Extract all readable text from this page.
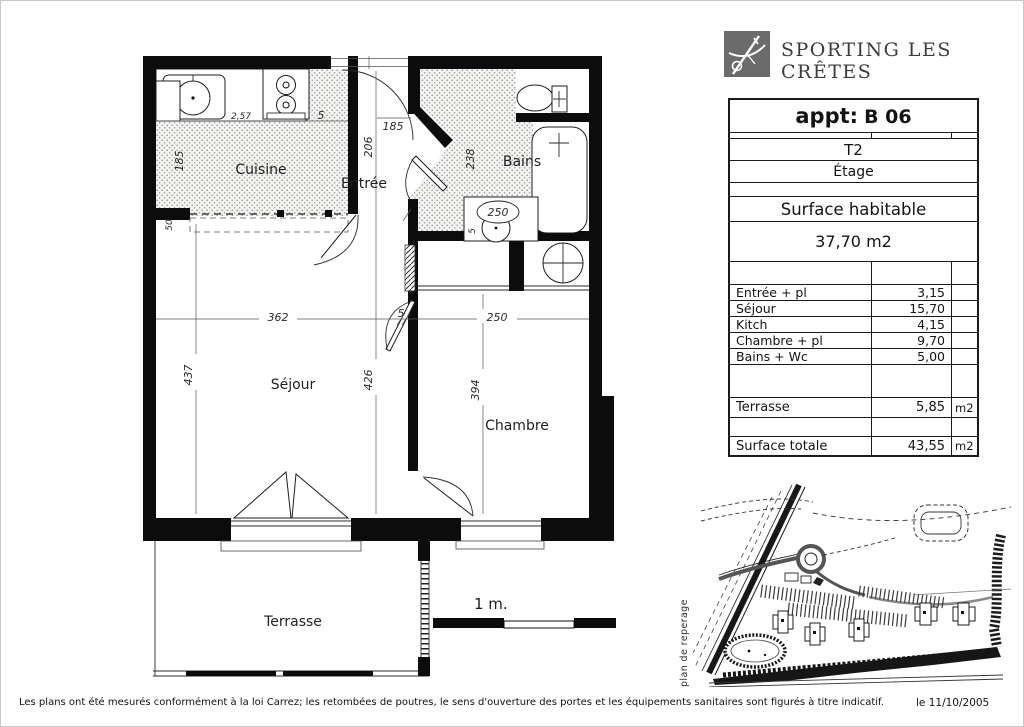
Cuisine
Entrée
Bains
Séjour
Chambre
Terrasse
185
2,57	5
185
206
238
250
5
50
362	5	250
437	426	394
1 m.
SPORTING LES CRÊTES
appt: B 06
T2
Étage
Surface habitable
37,70 m2
Entrée + pl	3,15
Séjour	15,70
Kitch	4,15
Chambre + pl	9,70
Bains + Wc	5,00
Terrasse	5,85 m2
Surface totale	43,55 m2
plan de reperage
Les plans ont été mesurés conformément à la loi Carrez; les retombées de poutres, le sens d'ouverture des portes et les équipements sanitaires sont figurés à titre indicatif.	le 11/10/2005
